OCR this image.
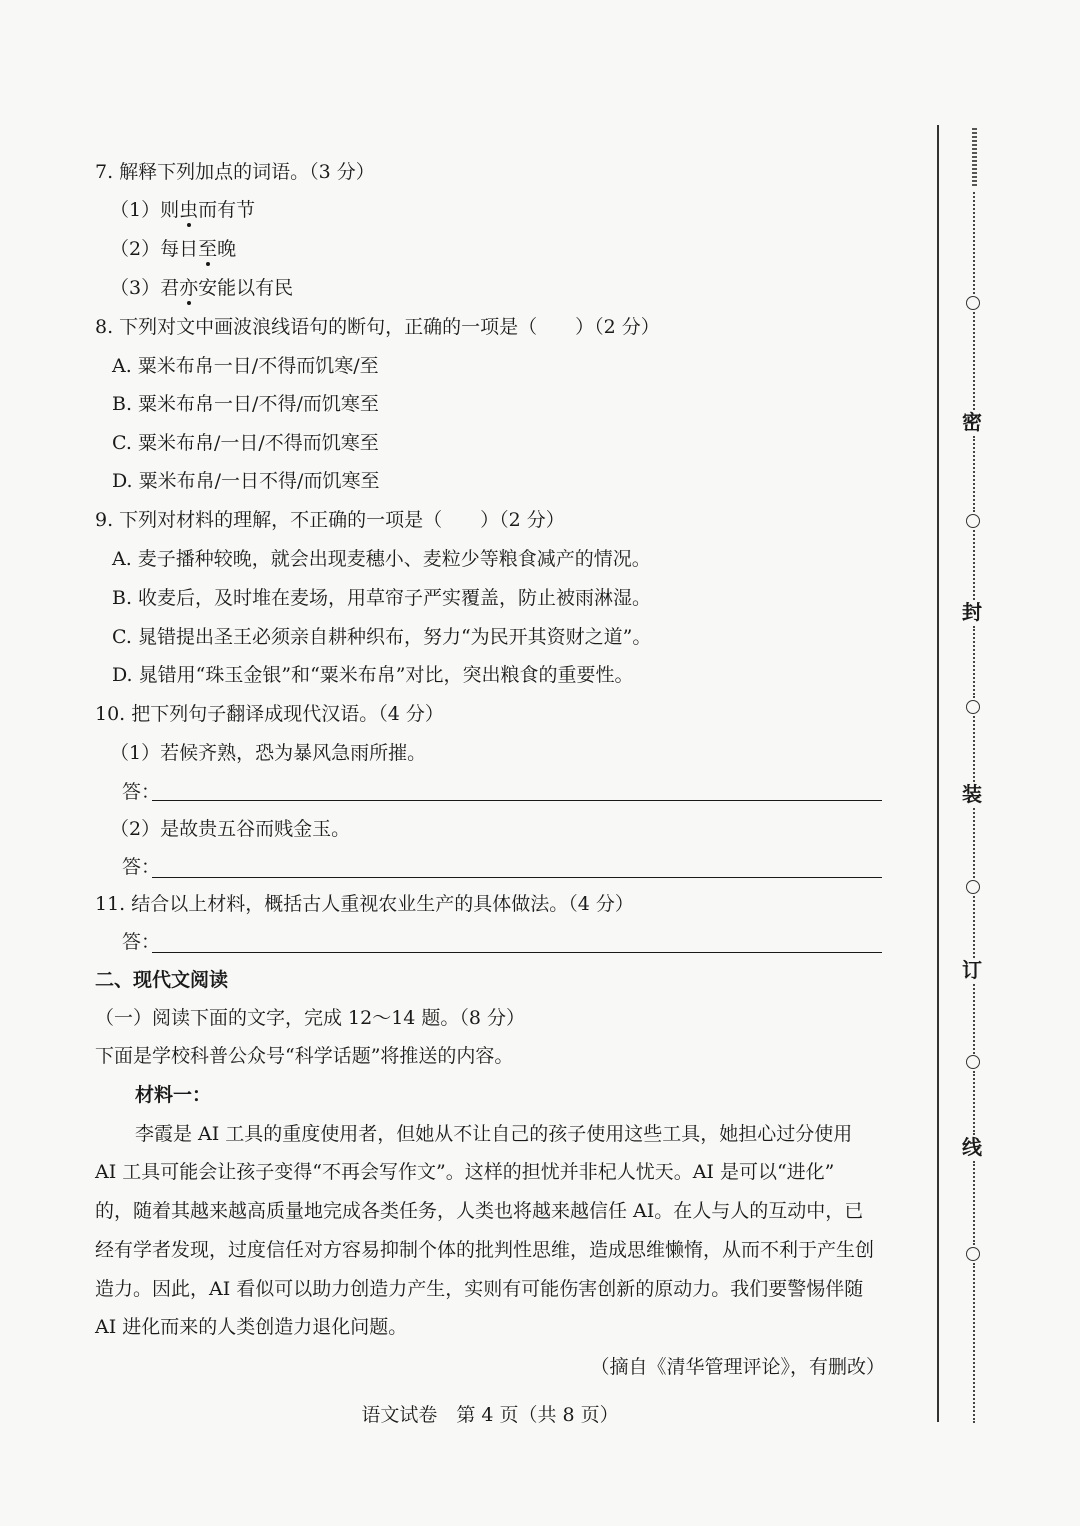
7. 解释下列加点的词语。（3 分）
（1）则虫而有节
（2）每日至晚
（3）君亦安能以有民
8. 下列对文中画波浪线语句的断句，正确的一项是（　　）（2 分）
A. 粟米布帛一日/不得而饥寒/至
B. 粟米布帛一日/不得/而饥寒至
C. 粟米布帛/一日/不得而饥寒至
D. 粟米布帛/一日不得/而饥寒至
9. 下列对材料的理解，不正确的一项是（　　）（2 分）
A. 麦子播种较晚，就会出现麦穗小、麦粒少等粮食减产的情况。
B. 收麦后，及时堆在麦场，用草帘子严实覆盖，防止被雨淋湿。
C. 晁错提出圣王必须亲自耕种织布，努力“为民开其资财之道”。
D. 晁错用“珠玉金银”和“粟米布帛”对比，突出粮食的重要性。
10. 把下列句子翻译成现代汉语。（4 分）
（1）若候齐熟，恐为暴风急雨所摧。
答：
（2）是故贵五谷而贱金玉。
答：
11. 结合以上材料，概括古人重视农业生产的具体做法。（4 分）
答：
二、现代文阅读
（一）阅读下面的文字，完成 12～14 题。（8 分）
下面是学校科普公众号“科学话题”将推送的内容。
材料一：
李霞是 AI 工具的重度使用者，但她从不让自己的孩子使用这些工具，她担心过分使用
AI 工具可能会让孩子变得“不再会写作文”。这样的担忧并非杞人忧天。AI 是可以“进化”
的，随着其越来越高质量地完成各类任务，人类也将越来越信任 AI。在人与人的互动中，已
经有学者发现，过度信任对方容易抑制个体的批判性思维，造成思维懒惰，从而不利于产生创
造力。因此，AI 看似可以助力创造力产生，实则有可能伤害创新的原动力。我们要警惕伴随
AI 进化而来的人类创造力退化问题。
（摘自《清华管理评论》，有删改）
语文试卷　第 4 页（共 8 页）
密
封
装
订
线
